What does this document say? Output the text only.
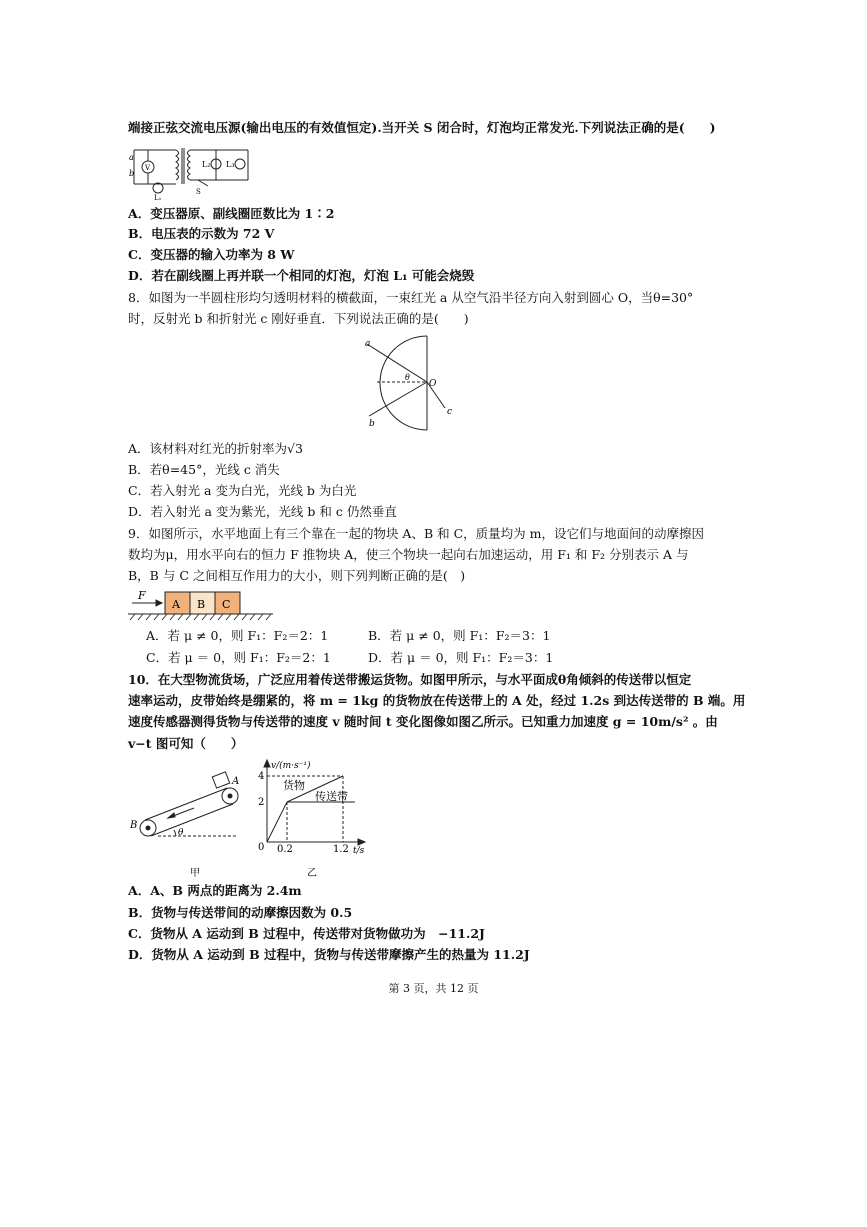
端接正弦交流电压源(输出电压的有效值恒定).当开关 S 闭合时，灯泡均正常发光.下列说法正确的是(　　)
a
b
V
L₁
L₂ L₃
S
A．变压器原、副线圈匝数比为 1∶2
B．电压表的示数为 72 V
C．变压器的输入功率为 8 W
D．若在副线圈上再并联一个相同的灯泡，灯泡 L₁ 可能会烧毁
8．如图为一半圆柱形均匀透明材料的横截面，一束红光 a 从空气沿半径方向入射到圆心 O，当θ=30°
时，反射光 b 和折射光 c 刚好垂直．下列说法正确的是(　　)
a
b
c
O
θ
A．该材料对红光的折射率为√3
B．若θ=45°，光线 c 消失
C．若入射光 a 变为白光，光线 b 为白光
D．若入射光 a 变为紫光，光线 b 和 c 仍然垂直
9．如图所示，水平地面上有三个靠在一起的物块 A、B 和 C，质量均为 m，设它们与地面间的动摩擦因
数均为μ，用水平向右的恒力 F 推物块 A，使三个物块一起向右加速运动，用 F₁ 和 F₂ 分别表示 A 与
B，B 与 C 之间相互作用力的大小，则下列判断正确的是(　)
F
A B C
A．若 μ ≠ 0，则 F₁：F₂＝2：1	B．若 μ ≠ 0，则 F₁：F₂＝3：1
C．若 μ ＝ 0，则 F₁：F₂＝2：1	D．若 μ ＝ 0，则 F₁：F₂＝3：1
10．在大型物流货场，广泛应用着传送带搬运货物。如图甲所示，与水平面成θ角倾斜的传送带以恒定
速率运动，皮带始终是绷紧的，将 m = 1kg 的货物放在传送带上的 A 处，经过 1.2s 到达传送带的 B 端。用
速度传感器测得货物与传送带的速度 v 随时间 t 变化图像如图乙所示。已知重力加速度 g = 10m/s² 。由
v−t 图可知（　　）
A
B
θ
甲
v/(m·s⁻¹)
t/s
4
2
0 0.2	1.2
货物
传送带
乙
A．A、B 两点的距离为 2.4m
B．货物与传送带间的动摩擦因数为 0.5
C．货物从 A 运动到 B 过程中，传送带对货物做功为　−11.2J
D．货物从 A 运动到 B 过程中，货物与传送带摩擦产生的热量为 11.2J
第 3 页，共 12 页
